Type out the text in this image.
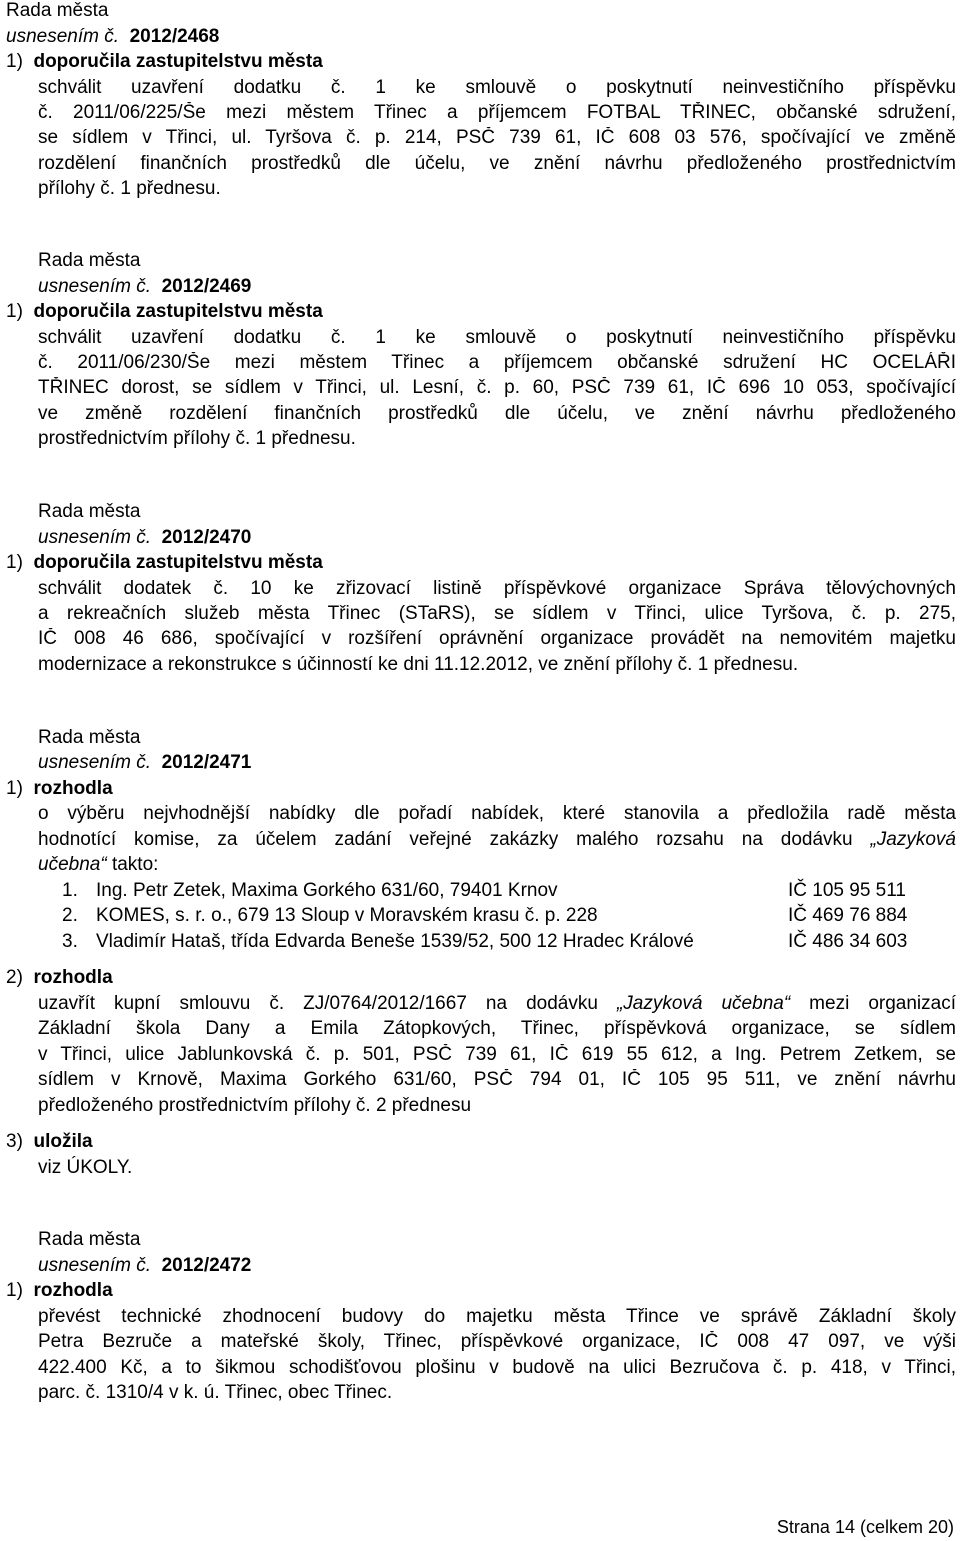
Rada města
usnesením č. 2012/2468
1) doporučila zastupitelstvu města
schválit uzavření dodatku č. 1 ke smlouvě o poskytnutí neinvestičního příspěvku
č. 2011/06/225/Še mezi městem Třinec a příjemcem FOTBAL TŘINEC, občanské sdružení,
se sídlem v Třinci, ul. Tyršova č. p. 214, PSČ 739 61, IČ 608 03 576, spočívající ve změně
rozdělení finančních prostředků dle účelu, ve znění návrhu předloženého prostřednictvím
přílohy č. 1 přednesu.
Rada města
usnesením č. 2012/2469
1) doporučila zastupitelstvu města
schválit uzavření dodatku č. 1 ke smlouvě o poskytnutí neinvestičního příspěvku
č. 2011/06/230/Še mezi městem Třinec a příjemcem občanské sdružení HC OCELÁŘI
TŘINEC dorost, se sídlem v Třinci, ul. Lesní, č. p. 60, PSČ 739 61, IČ 696 10 053, spočívající
ve změně rozdělení finančních prostředků dle účelu, ve znění návrhu předloženého
prostřednictvím přílohy č. 1 přednesu.
Rada města
usnesením č. 2012/2470
1) doporučila zastupitelstvu města
schválit dodatek č. 10 ke zřizovací listině příspěvkové organizace Správa tělovýchovných
a rekreačních služeb města Třinec (STaRS), se sídlem v Třinci, ulice Tyršova, č. p. 275,
IČ 008 46 686, spočívající v rozšíření oprávnění organizace provádět na nemovitém majetku
modernizace a rekonstrukce s účinností ke dni 11.12.2012, ve znění přílohy č. 1 přednesu.
Rada města
usnesením č. 2012/2471
1) rozhodla
o výběru nejvhodnější nabídky dle pořadí nabídek, které stanovila a předložila radě města
hodnotící komise, za účelem zadání veřejné zakázky malého rozsahu na dodávku „Jazyková
učebna“ takto:
1. Ing. Petr Zetek, Maxima Gorkého 631/60, 79401 Krnov	IČ 105 95 511
2. KOMES, s. r. o., 679 13 Sloup v Moravském krasu č. p. 228	IČ 469 76 884
3. Vladimír Hataš, třída Edvarda Beneše 1539/52, 500 12 Hradec Králové	IČ 486 34 603
2) rozhodla
uzavřít kupní smlouvu č. ZJ/0764/2012/1667 na dodávku „Jazyková učebna“ mezi organizací
Základní škola Dany a Emila Zátopkových, Třinec, příspěvková organizace, se sídlem
v Třinci, ulice Jablunkovská č. p. 501, PSČ 739 61, IČ 619 55 612, a Ing. Petrem Zetkem, se
sídlem v Krnově, Maxima Gorkého 631/60, PSČ 794 01, IČ 105 95 511, ve znění návrhu
předloženého prostřednictvím přílohy č. 2 přednesu
3) uložila
viz ÚKOLY.
Rada města
usnesením č. 2012/2472
1) rozhodla
převést technické zhodnocení budovy do majetku města Třince ve správě Základní školy
Petra Bezruče a mateřské školy, Třinec, příspěvkové organizace, IČ 008 47 097, ve výši
422.400 Kč, a to šikmou schodišťovou plošinu v budově na ulici Bezručova č. p. 418, v Třinci,
parc. č. 1310/4 v k. ú. Třinec, obec Třinec.
Strana 14 (celkem 20)
